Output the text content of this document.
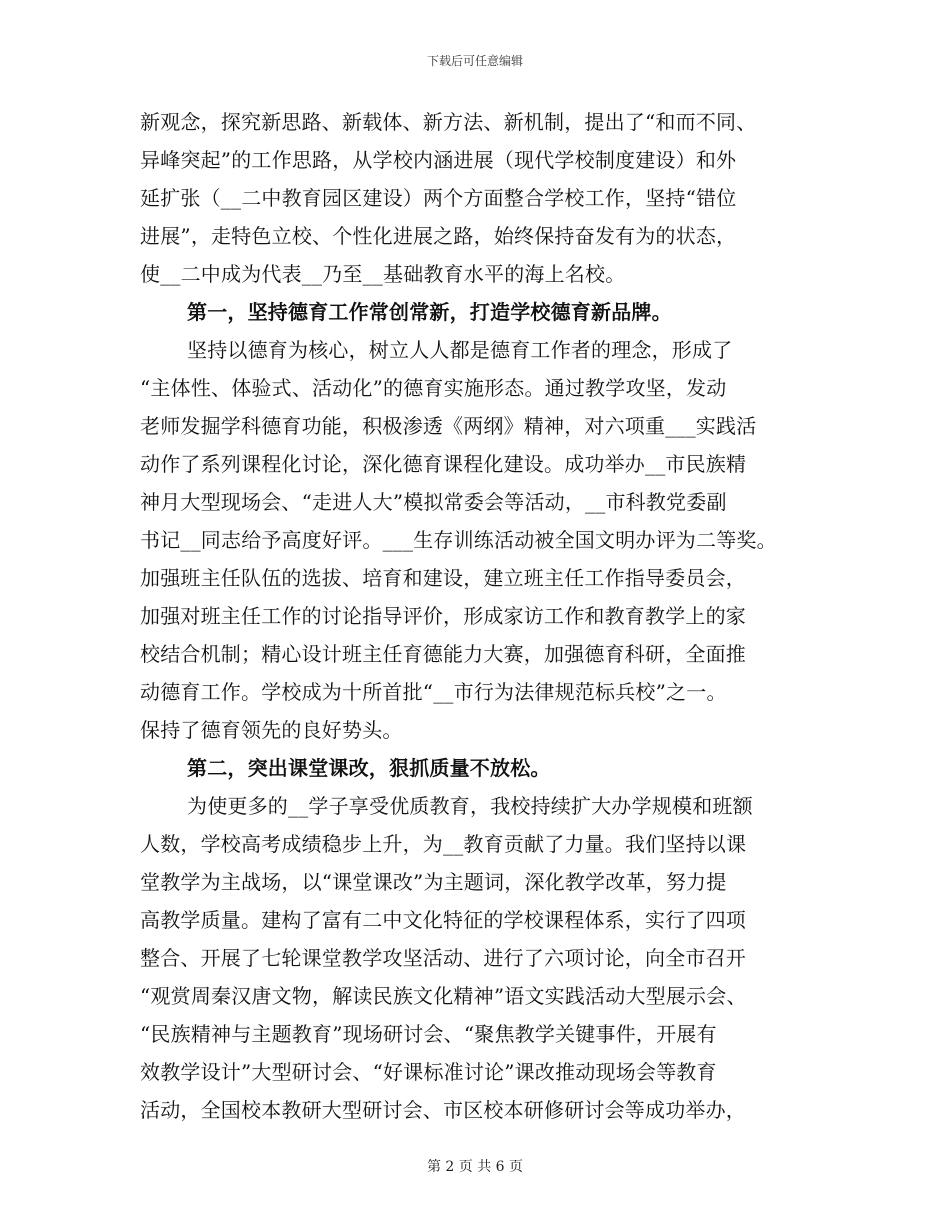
下载后可任意编辑
新观念，探究新思路、新载体、新方法、新机制，提出了“和而不同、
异峰突起”的工作思路，从学校内涵进展（现代学校制度建设）和外
延扩张（__二中教育园区建设）两个方面整合学校工作，坚持“错位
进展”，走特色立校、个性化进展之路，始终保持奋发有为的状态，
使__二中成为代表__乃至__基础教育水平的海上名校。
第一，坚持德育工作常创常新，打造学校德育新品牌。
坚持以德育为核心，树立人人都是德育工作者的理念，形成了
“主体性、体验式、活动化”的德育实施形态。通过教学攻坚，发动
老师发掘学科德育功能，积极渗透《两纲》精神，对六项重___实践活
动作了系列课程化讨论，深化德育课程化建设。成功举办__市民族精
神月大型现场会、“走进人大”模拟常委会等活动，__市科教党委副
书记__同志给予高度好评。___生存训练活动被全国文明办评为二等奖。
加强班主任队伍的选拔、培育和建设，建立班主任工作指导委员会，
加强对班主任工作的讨论指导评价，形成家访工作和教育教学上的家
校结合机制；精心设计班主任育德能力大赛，加强德育科研，全面推
动德育工作。学校成为十所首批“__市行为法律规范标兵校”之一。
保持了德育领先的良好势头。
第二，突出课堂课改，狠抓质量不放松。
为使更多的__学子享受优质教育，我校持续扩大办学规模和班额
人数，学校高考成绩稳步上升，为__教育贡献了力量。我们坚持以课
堂教学为主战场，以“课堂课改”为主题词，深化教学改革，努力提
高教学质量。建构了富有二中文化特征的学校课程体系，实行了四项
整合、开展了七轮课堂教学攻坚活动、进行了六项讨论，向全市召开
“观赏周秦汉唐文物，解读民族文化精神”语文实践活动大型展示会、
“民族精神与主题教育”现场研讨会、“聚焦教学关键事件，开展有
效教学设计”大型研讨会、“好课标准讨论”课改推动现场会等教育
活动，全国校本教研大型研讨会、市区校本研修研讨会等成功举办，
第 2 页 共 6 页
